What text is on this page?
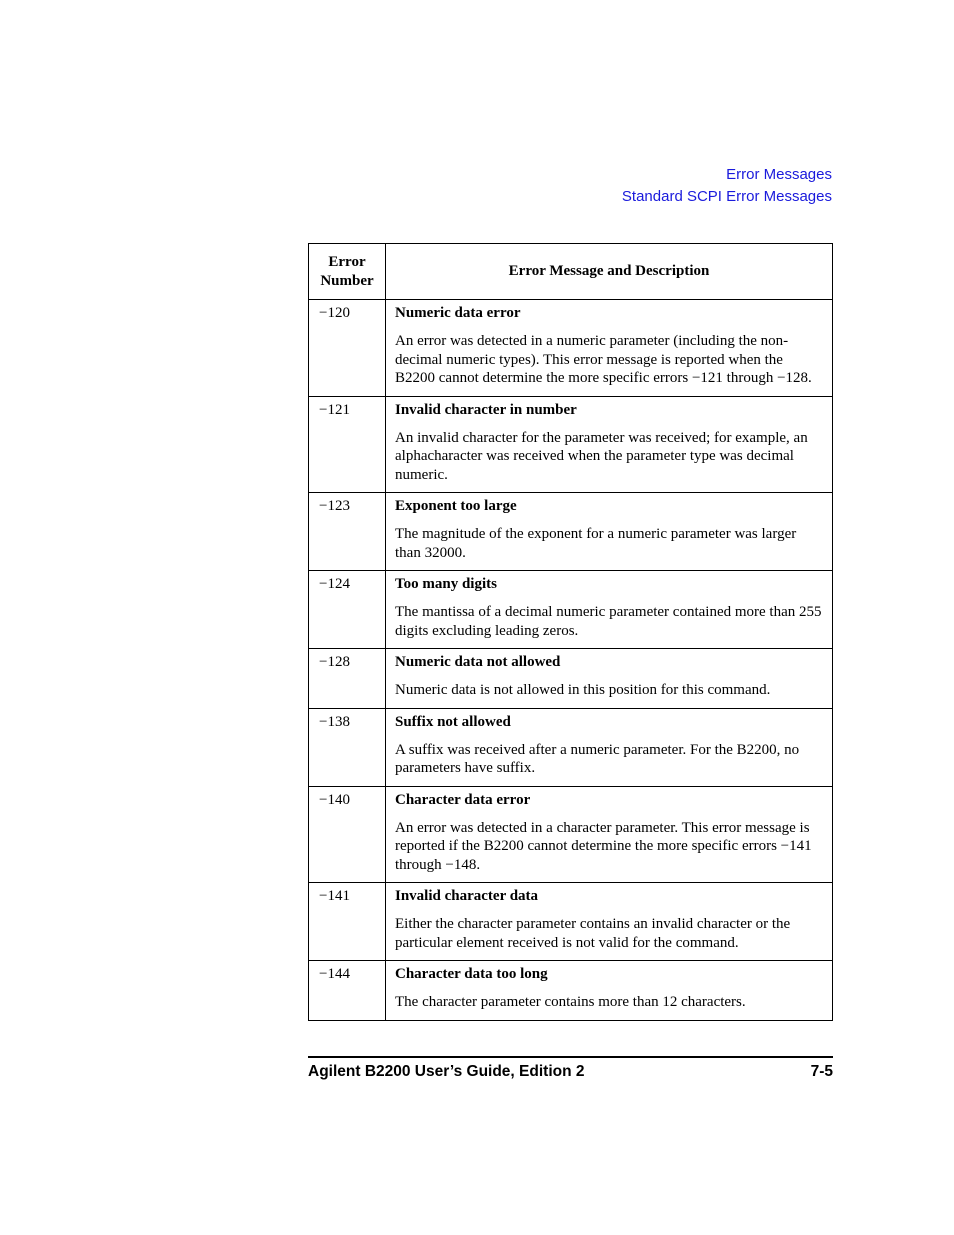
Error Messages
Standard SCPI Error Messages
Error Number	Error Message and Description
−120	Numeric data error
An error was detected in a numeric parameter (including the non-decimal numeric types). This error message is reported when the B2200 cannot determine the more specific errors −121 through −128.

−121	Invalid character in number
An invalid character for the parameter was received; for example, an alphacharacter was received when the parameter type was decimal numeric.

−123	Exponent too large
The magnitude of the exponent for a numeric parameter was larger than 32000.

−124	Too many digits
The mantissa of a decimal numeric parameter contained more than 255 digits excluding leading zeros.

−128	Numeric data not allowed
Numeric data is not allowed in this position for this command.

−138	Suffix not allowed
A suffix was received after a numeric parameter. For the B2200, no parameters have suffix.

−140	Character data error
An error was detected in a character parameter. This error message is reported if the B2200 cannot determine the more specific errors −141 through −148.

−141	Invalid character data
Either the character parameter contains an invalid character or the particular element received is not valid for the command.

−144	Character data too long
The character parameter contains more than 12 characters.
Agilent B2200 User’s Guide, Edition 2	7-5
